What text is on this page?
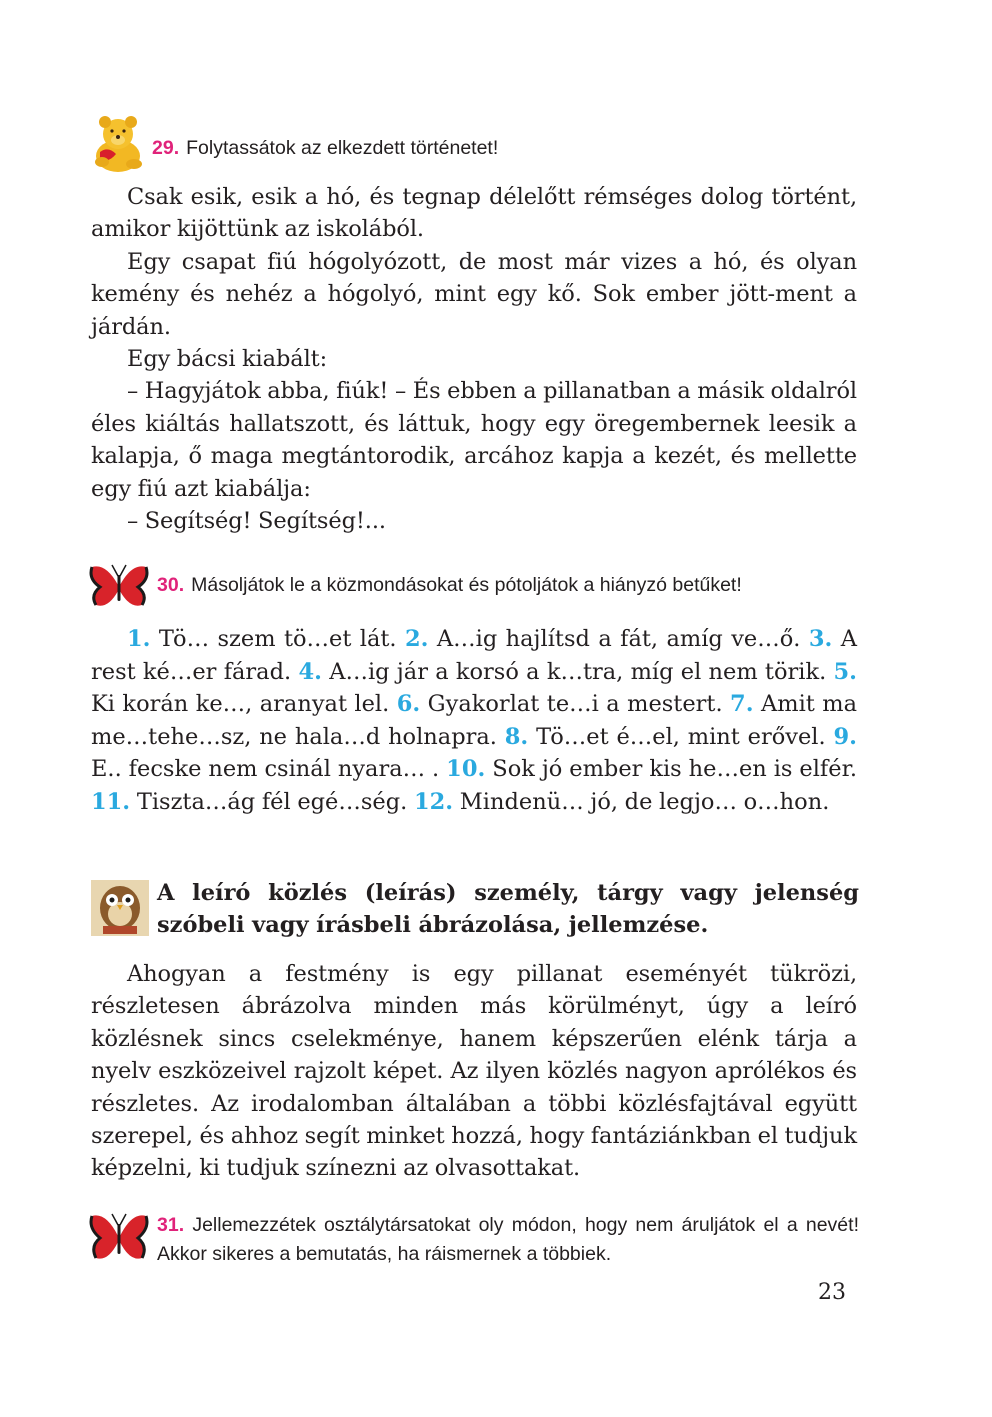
29. Folytassátok az elkezdett történetet!

Csak esik, esik a hó, és tegnap délelőtt rémséges dolog történt, amikor kijöttünk az iskolából.

Egy csapat fiú hógolyózott, de most már vizes a hó, és olyan kemény és nehéz a hógolyó, mint egy kő. Sok ember jött-ment a járdán.

Egy bácsi kiabált:

– Hagyjátok abba, fiúk! – És ebben a pillanatban a másik oldalról éles kiáltás hallatszott, és láttuk, hogy egy öregembernek leesik a kalapja, ő maga megtántorodik, arcához kapja a kezét, és mellette egy fiú azt kiabálja:

– Segítség! Segítség!...

30. Másoljátok le a közmondásokat és pótoljátok a hiányzó betűket!
1. Tö… szem tö…et lát. 2. A…ig hajlítsd a fát, amíg ve…ő. 3. A rest ké…er fárad. 4. A…ig jár a korsó a k…tra, míg el nem törik. 5. Ki korán ke…, aranyat lel. 6. Gyakorlat te…i a mestert. 7. Amit ma me…tehe…sz, ne hala…d holnapra. 8. Tö…et é…el, mint erővel. 9. E.. fecske nem csinál nyara… . 10. Sok jó ember kis he…en is elfér. 11. Tiszta…ág fél egé…ség. 12. Mindenü… jó, de legjo… o…hon.
A leíró közlés (leírás) személy, tárgy vagy jelenség szóbeli vagy írásbeli ábrázolása, jellemzése.

Ahogyan a festmény is egy pillanat eseményét tükrözi, részletesen ábrázolva minden más körülményt, úgy a leíró közlésnek sincs cselekménye, hanem képszerűen elénk tárja a nyelv eszközeivel rajzolt képet. Az ilyen közlés nagyon aprólékos és részletes. Az irodalomban általában a többi közlésfajtával együtt szerepel, és ahhoz segít minket hozzá, hogy fantáziánkban el tudjuk képzelni, ki tudjuk színezni az olvasottakat.

31. Jellemezzétek osztálytársatokat oly módon, hogy nem áruljátok el a nevét! Akkor sikeres a bemutatás, ha ráismernek a többiek.
23
